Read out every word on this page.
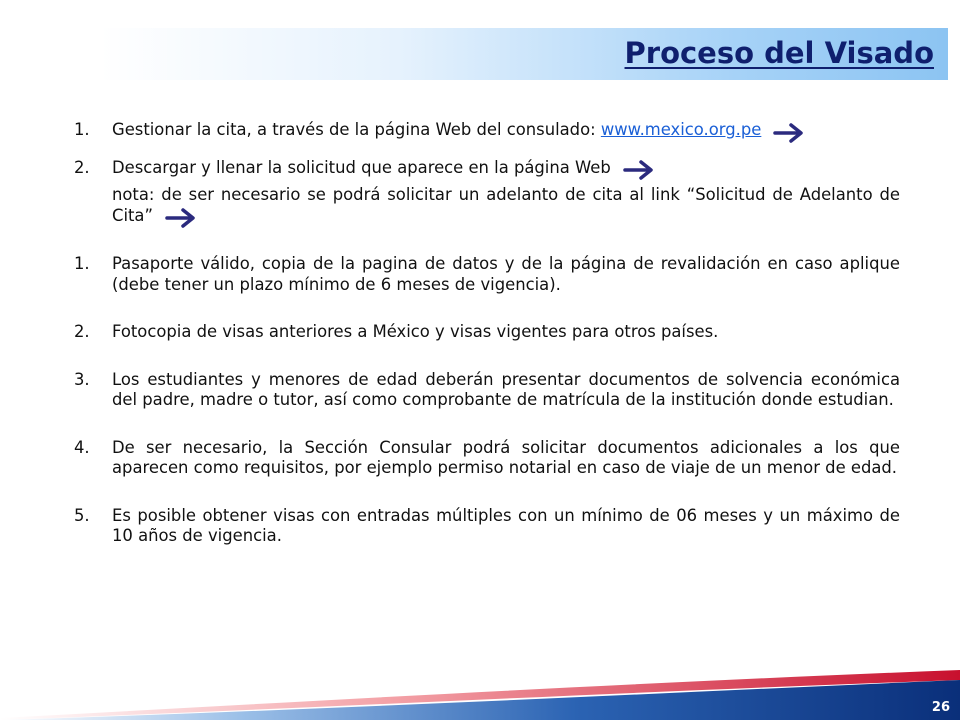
Proceso del Visado
1. Gestionar la cita, a través de la página Web del consulado: www.mexico.org.pe
2. Descargar y llenar la solicitud que aparece en la página Web
nota: de ser necesario se podrá solicitar un adelanto de cita al link “Solicitud de Adelanto de Cita”
1. Pasaporte válido, copia de la pagina de datos y de la página de revalidación en caso aplique (debe tener un plazo mínimo de 6 meses de vigencia).
2. Fotocopia de visas anteriores a México y visas vigentes para otros países.
3. Los estudiantes y menores de edad deberán presentar documentos de solvencia económica del padre, madre o tutor, así como comprobante de matrícula de la institución donde estudian.
4. De ser necesario, la Sección Consular podrá solicitar documentos adicionales a los que aparecen como requisitos, por ejemplo permiso notarial en caso de viaje de un menor de edad.
5. Es posible obtener visas con entradas múltiples con un mínimo de 06 meses y un máximo de 10 años de vigencia.
26
